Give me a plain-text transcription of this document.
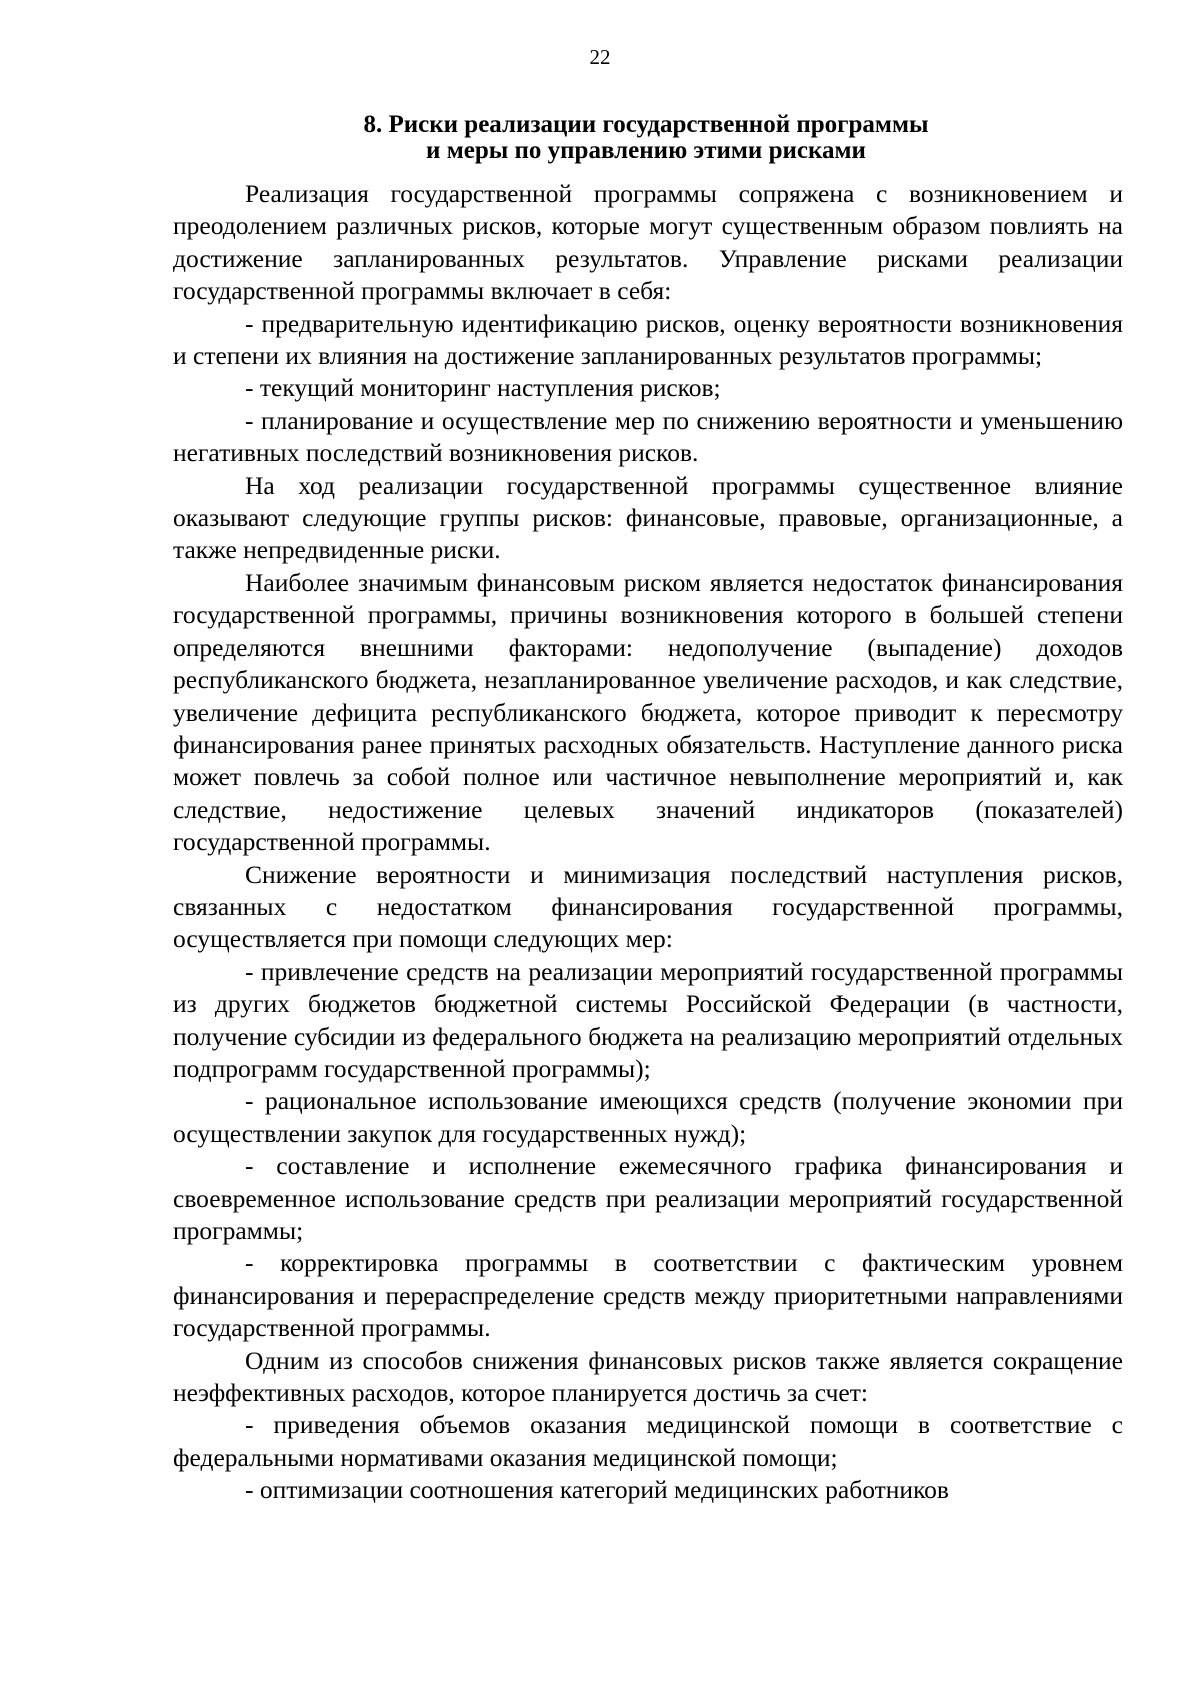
22
8. Риски реализации государственной программы
и меры по управлению этими рисками

Реализация государственной программы сопряжена с возникновением и преодолением различных рисков, которые могут существенным образом повлиять на достижение запланированных результатов. Управление рисками реализации государственной программы включает в себя:

- предварительную идентификацию рисков, оценку вероятности возникновения и степени их влияния на достижение запланированных результатов программы;

- текущий мониторинг наступления рисков;

- планирование и осуществление мер по снижению вероятности и уменьшению негативных последствий возникновения рисков.

На ход реализации государственной программы существенное влияние оказывают следующие группы рисков: финансовые, правовые, организационные, а также непредвиденные риски.

Наиболее значимым финансовым риском является недостаток финансирования государственной программы, причины возникновения которого в большей степени определяются внешними факторами: недополучение (выпадение) доходов республиканского бюджета, незапланированное увеличение расходов, и как следствие, увеличение дефицита республиканского бюджета, которое приводит к пересмотру финансирования ранее принятых расходных обязательств. Наступление данного риска может повлечь за собой полное или частичное невыполнение мероприятий и, как следствие, недостижение целевых значений индикаторов (показателей) государственной программы.

Снижение вероятности и минимизация последствий наступления рисков, связанных с недостатком финансирования государственной программы, осуществляется при помощи следующих мер:

- привлечение средств на реализации мероприятий государственной программы из других бюджетов бюджетной системы Российской Федерации (в частности, получение субсидии из федерального бюджета на реализацию мероприятий отдельных подпрограмм государственной программы);

- рациональное использование имеющихся средств (получение экономии при осуществлении закупок для государственных нужд);

- составление и исполнение ежемесячного графика финансирования и своевременное использование средств при реализации мероприятий государственной программы;

- корректировка программы в соответствии с фактическим уровнем финансирования и перераспределение средств между приоритетными направлениями государственной программы.

Одним из способов снижения финансовых рисков также является сокращение неэффективных расходов, которое планируется достичь за счет:

- приведения объемов оказания медицинской помощи в соответствие с федеральными нормативами оказания медицинской помощи;

- оптимизации соотношения категорий медицинских работников
